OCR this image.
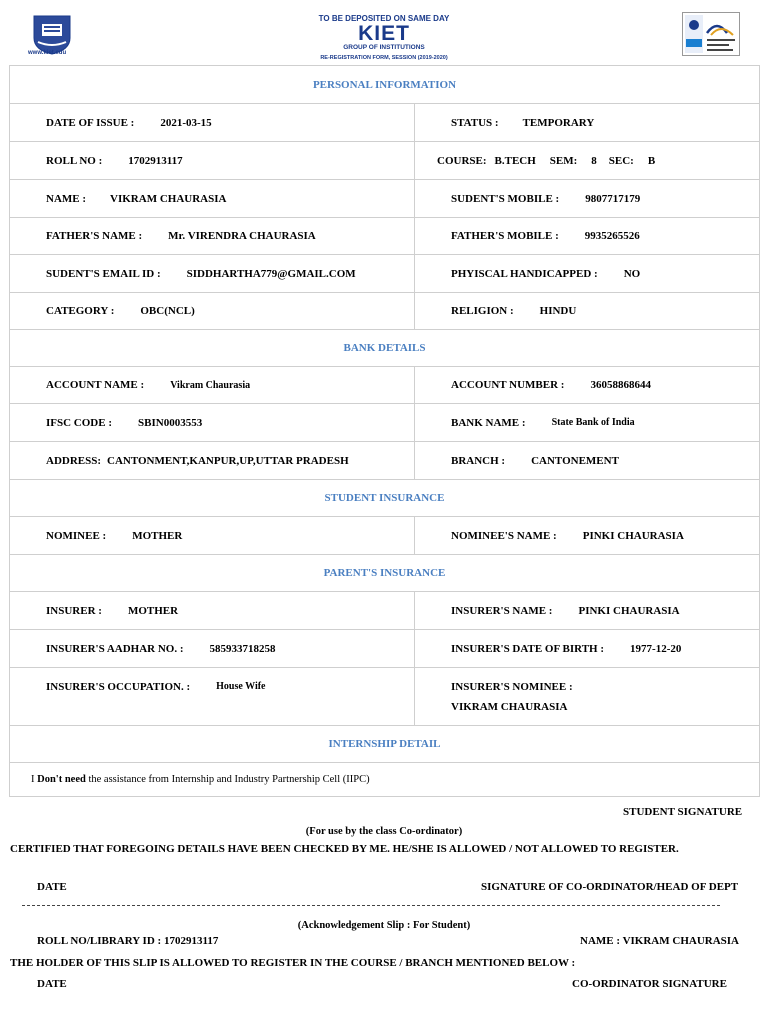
www.kiet.edu
TO BE DEPOSITED ON SAME DAY
KIET
GROUP OF INSTITUTIONS
RE-REGISTRATION FORM, SESSION (2019-2020)
PERSONAL INFORMATION
DATE OF ISSUE : 2021-03-15	STATUS : TEMPORARY
ROLL NO : 1702913117	COURSE: B.TECH SEM: 8 SEC: B
NAME : VIKRAM CHAURASIA	SUDENT'S MOBILE : 9807717179
FATHER'S NAME : Mr. VIRENDRA CHAURASIA	FATHER'S MOBILE : 9935265526
SUDENT'S EMAIL ID : SIDDHARTHA779@GMAIL.COM	PHYISCAL HANDICAPPED : NO
CATEGORY : OBC(NCL)	RELIGION : HINDU
BANK DETAILS
ACCOUNT NAME :	Vikram Chaurasia	ACCOUNT NUMBER : 36058868644
IFSC CODE : SBIN0003553	BANK NAME :	State Bank of India
ADDRESS: CANTONMENT,KANPUR,UP,UTTAR PRADESH	BRANCH : CANTONEMENT
STUDENT INSURANCE
NOMINEE : MOTHER	NOMINEE'S NAME : PINKI CHAURASIA
PARENT'S INSURANCE
INSURER : MOTHER	INSURER'S NAME : PINKI CHAURASIA
INSURER'S AADHAR NO. : 585933718258	INSURER'S DATE OF BIRTH : 1977-12-20
INSURER'S OCCUPATION. :	House Wife	INSURER'S NOMINEE :
VIKRAM CHAURASIA
INTERNSHIP DETAIL
I
Don't need
the assistance from Internship and Industry Partnership Cell (IIPC)
STUDENT SIGNATURE
(For use by the class Co-ordinator)
CERTIFIED THAT FOREGOING DETAILS HAVE BEEN CHECKED BY ME. HE/SHE IS ALLOWED / NOT ALLOWED TO REGISTER.
DATE	SIGNATURE OF CO-ORDINATOR/HEAD OF DEPT
(Acknowledgement Slip : For Student)
ROLL NO/LIBRARY ID : 1702913117	NAME : VIKRAM CHAURASIA
THE HOLDER OF THIS SLIP IS ALLOWED TO REGISTER IN THE COURSE / BRANCH MENTIONED BELOW :
DATE	CO-ORDINATOR SIGNATURE
